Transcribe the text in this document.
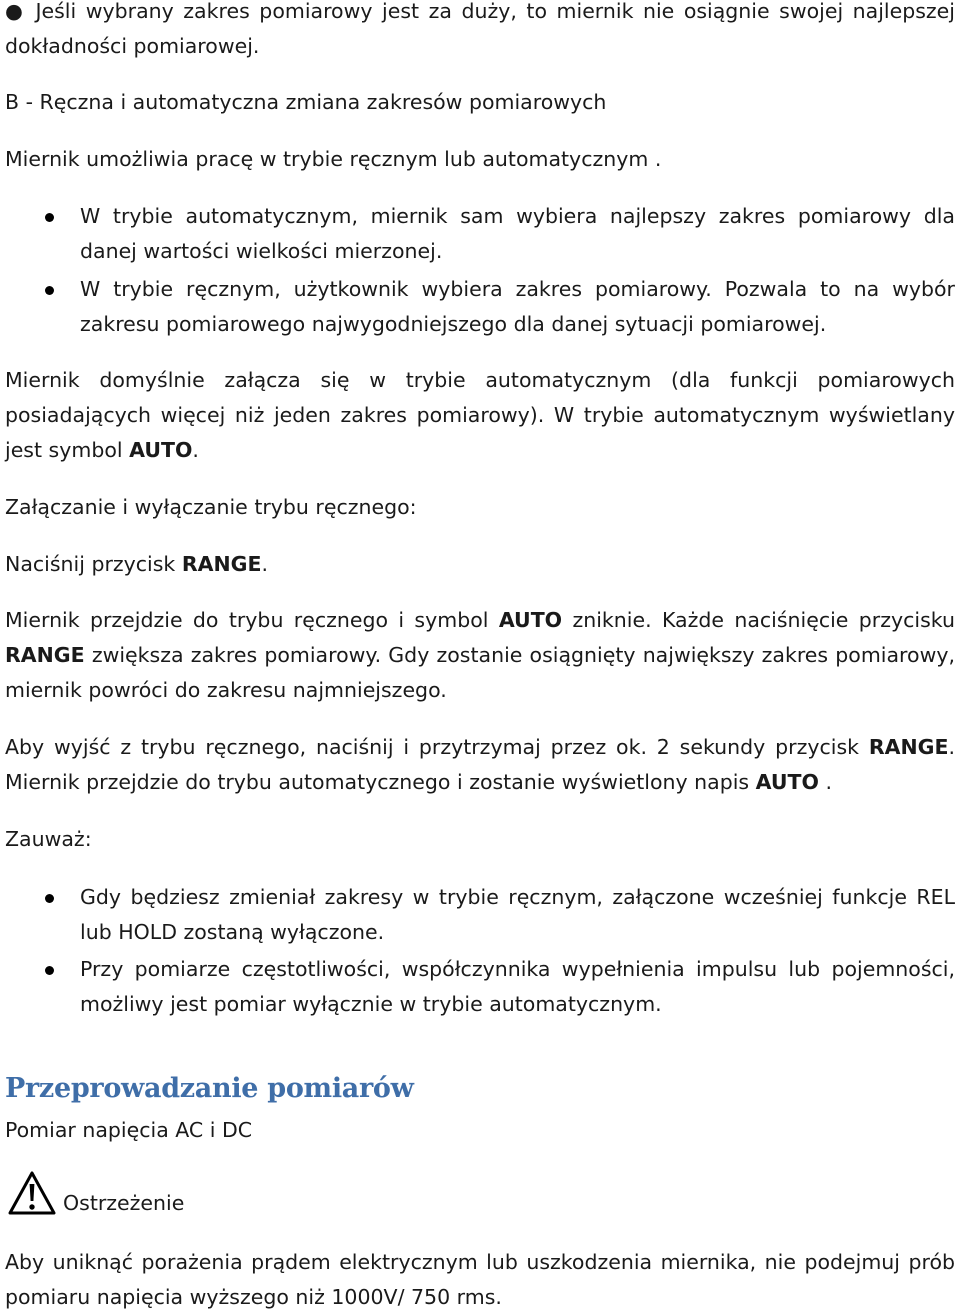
● Jeśli wybrany zakres pomiarowy jest za duży, to miernik nie osiągnie swojej najlepszej dokładności pomiarowej.
B - Ręczna i automatyczna zmiana zakresów pomiarowych
Miernik umożliwia pracę w trybie ręcznym lub automatycznym .
W trybie automatycznym, miernik sam wybiera najlepszy zakres pomiarowy dla danej wartości wielkości mierzonej.
W trybie ręcznym, użytkownik wybiera zakres pomiarowy. Pozwala to na wybór zakresu pomiarowego najwygodniejszego dla danej sytuacji pomiarowej.
Miernik domyślnie załącza się w trybie automatycznym (dla funkcji pomiarowych posiadających więcej niż jeden zakres pomiarowy). W trybie automatycznym wyświetlany jest symbol AUTO.
Załączanie i wyłączanie trybu ręcznego:
Naciśnij przycisk RANGE.
Miernik przejdzie do trybu ręcznego i symbol AUTO zniknie. Każde naciśnięcie przycisku RANGE zwiększa zakres pomiarowy. Gdy zostanie osiągnięty największy zakres pomiarowy, miernik powróci do zakresu najmniejszego.
Aby wyjść z trybu ręcznego, naciśnij i przytrzymaj przez ok. 2 sekundy przycisk RANGE. Miernik przejdzie do trybu automatycznego i zostanie wyświetlony napis AUTO .
Zauważ:
Gdy będziesz zmieniał zakresy w trybie ręcznym, załączone wcześniej funkcje REL lub HOLD zostaną wyłączone.
Przy pomiarze częstotliwości, współczynnika wypełnienia impulsu lub pojemności, możliwy jest pomiar wyłącznie w trybie automatycznym.
Przeprowadzanie pomiarów
Pomiar napięcia AC i DC
Ostrzeżenie
Aby uniknąć porażenia prądem elektrycznym lub uszkodzenia miernika, nie podejmuj prób pomiaru napięcia wyższego niż 1000V/ 750 rms.
